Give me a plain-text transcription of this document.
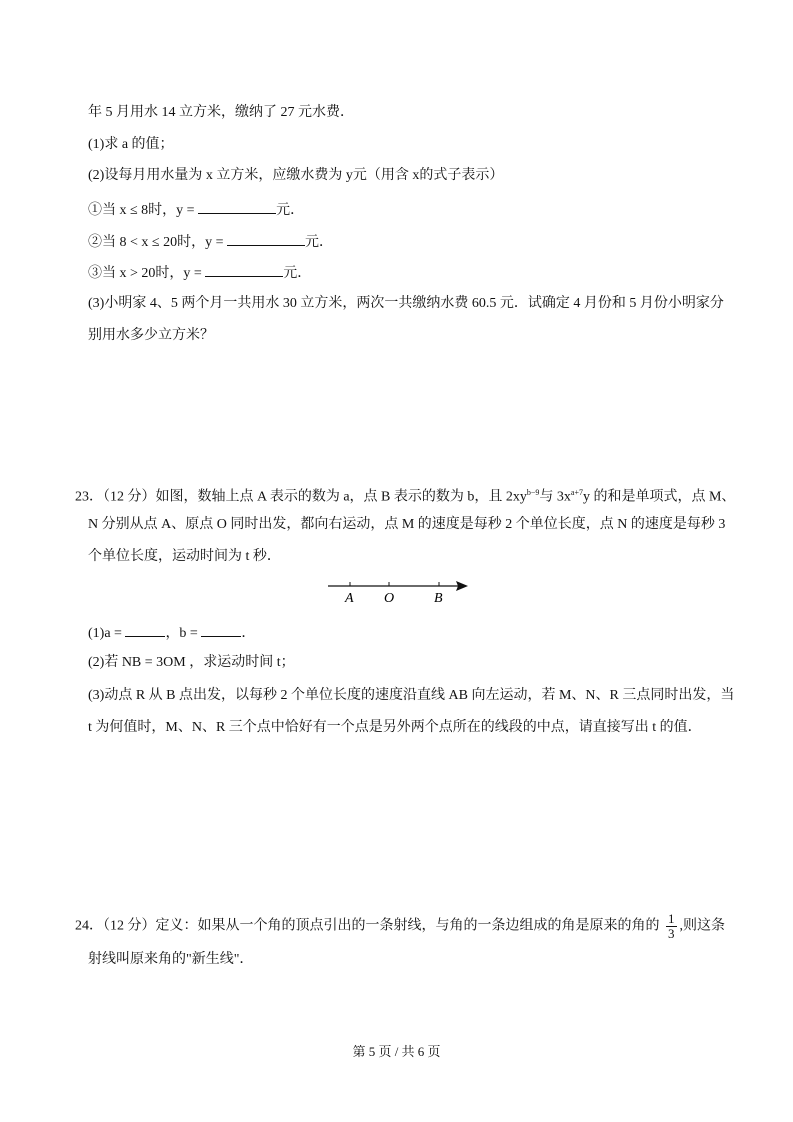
年 5 月用水 14 立方米，缴纳了 27 元水费．
(1)求 a 的值；
(2)设每月用水量为 x 立方米，应缴水费为 y元（用含 x的式子表示）
①当 x ≤ 8时，y =	元．
②当 8 < x ≤ 20时，y =	元．
③当 x > 20时，y =	元．
(3)小明家 4、5 两个月一共用水 30 立方米，两次一共缴纳水费 60.5 元．试确定 4 月份和 5 月份小明家分
别用水多少立方米？
23．（12 分）如图，数轴上点 A 表示的数为 a，点 B 表示的数为 b，且 $2xy^{b-9}$与 $3x^{a+7}y$ 的和是单项式，点 M、
N 分别从点 A、原点 O 同时出发，都向右运动，点 M 的速度是每秒 2 个单位长度，点 N 的速度是每秒 3
个单位长度，运动时间为 t 秒．
A O	B
(1)a =	，b =	．
(2)若 NB = 3OM ，求运动时间 t；
(3)动点 R 从 B 点出发，以每秒 2 个单位长度的速度沿直线 AB 向左运动，若 M、N、R 三点同时出发，当
t 为何值时，M、N、R 三个点中恰好有一个点是另外两个点所在的线段的中点，请直接写出 t 的值．
24．（12 分）定义：如果从一个角的顶点引出的一条射线，与角的一条边组成的角是原来的角的 $\frac{1}{3}$ ,则这条
射线叫原来角的"新生线"．
第 5 页 / 共 6 页
